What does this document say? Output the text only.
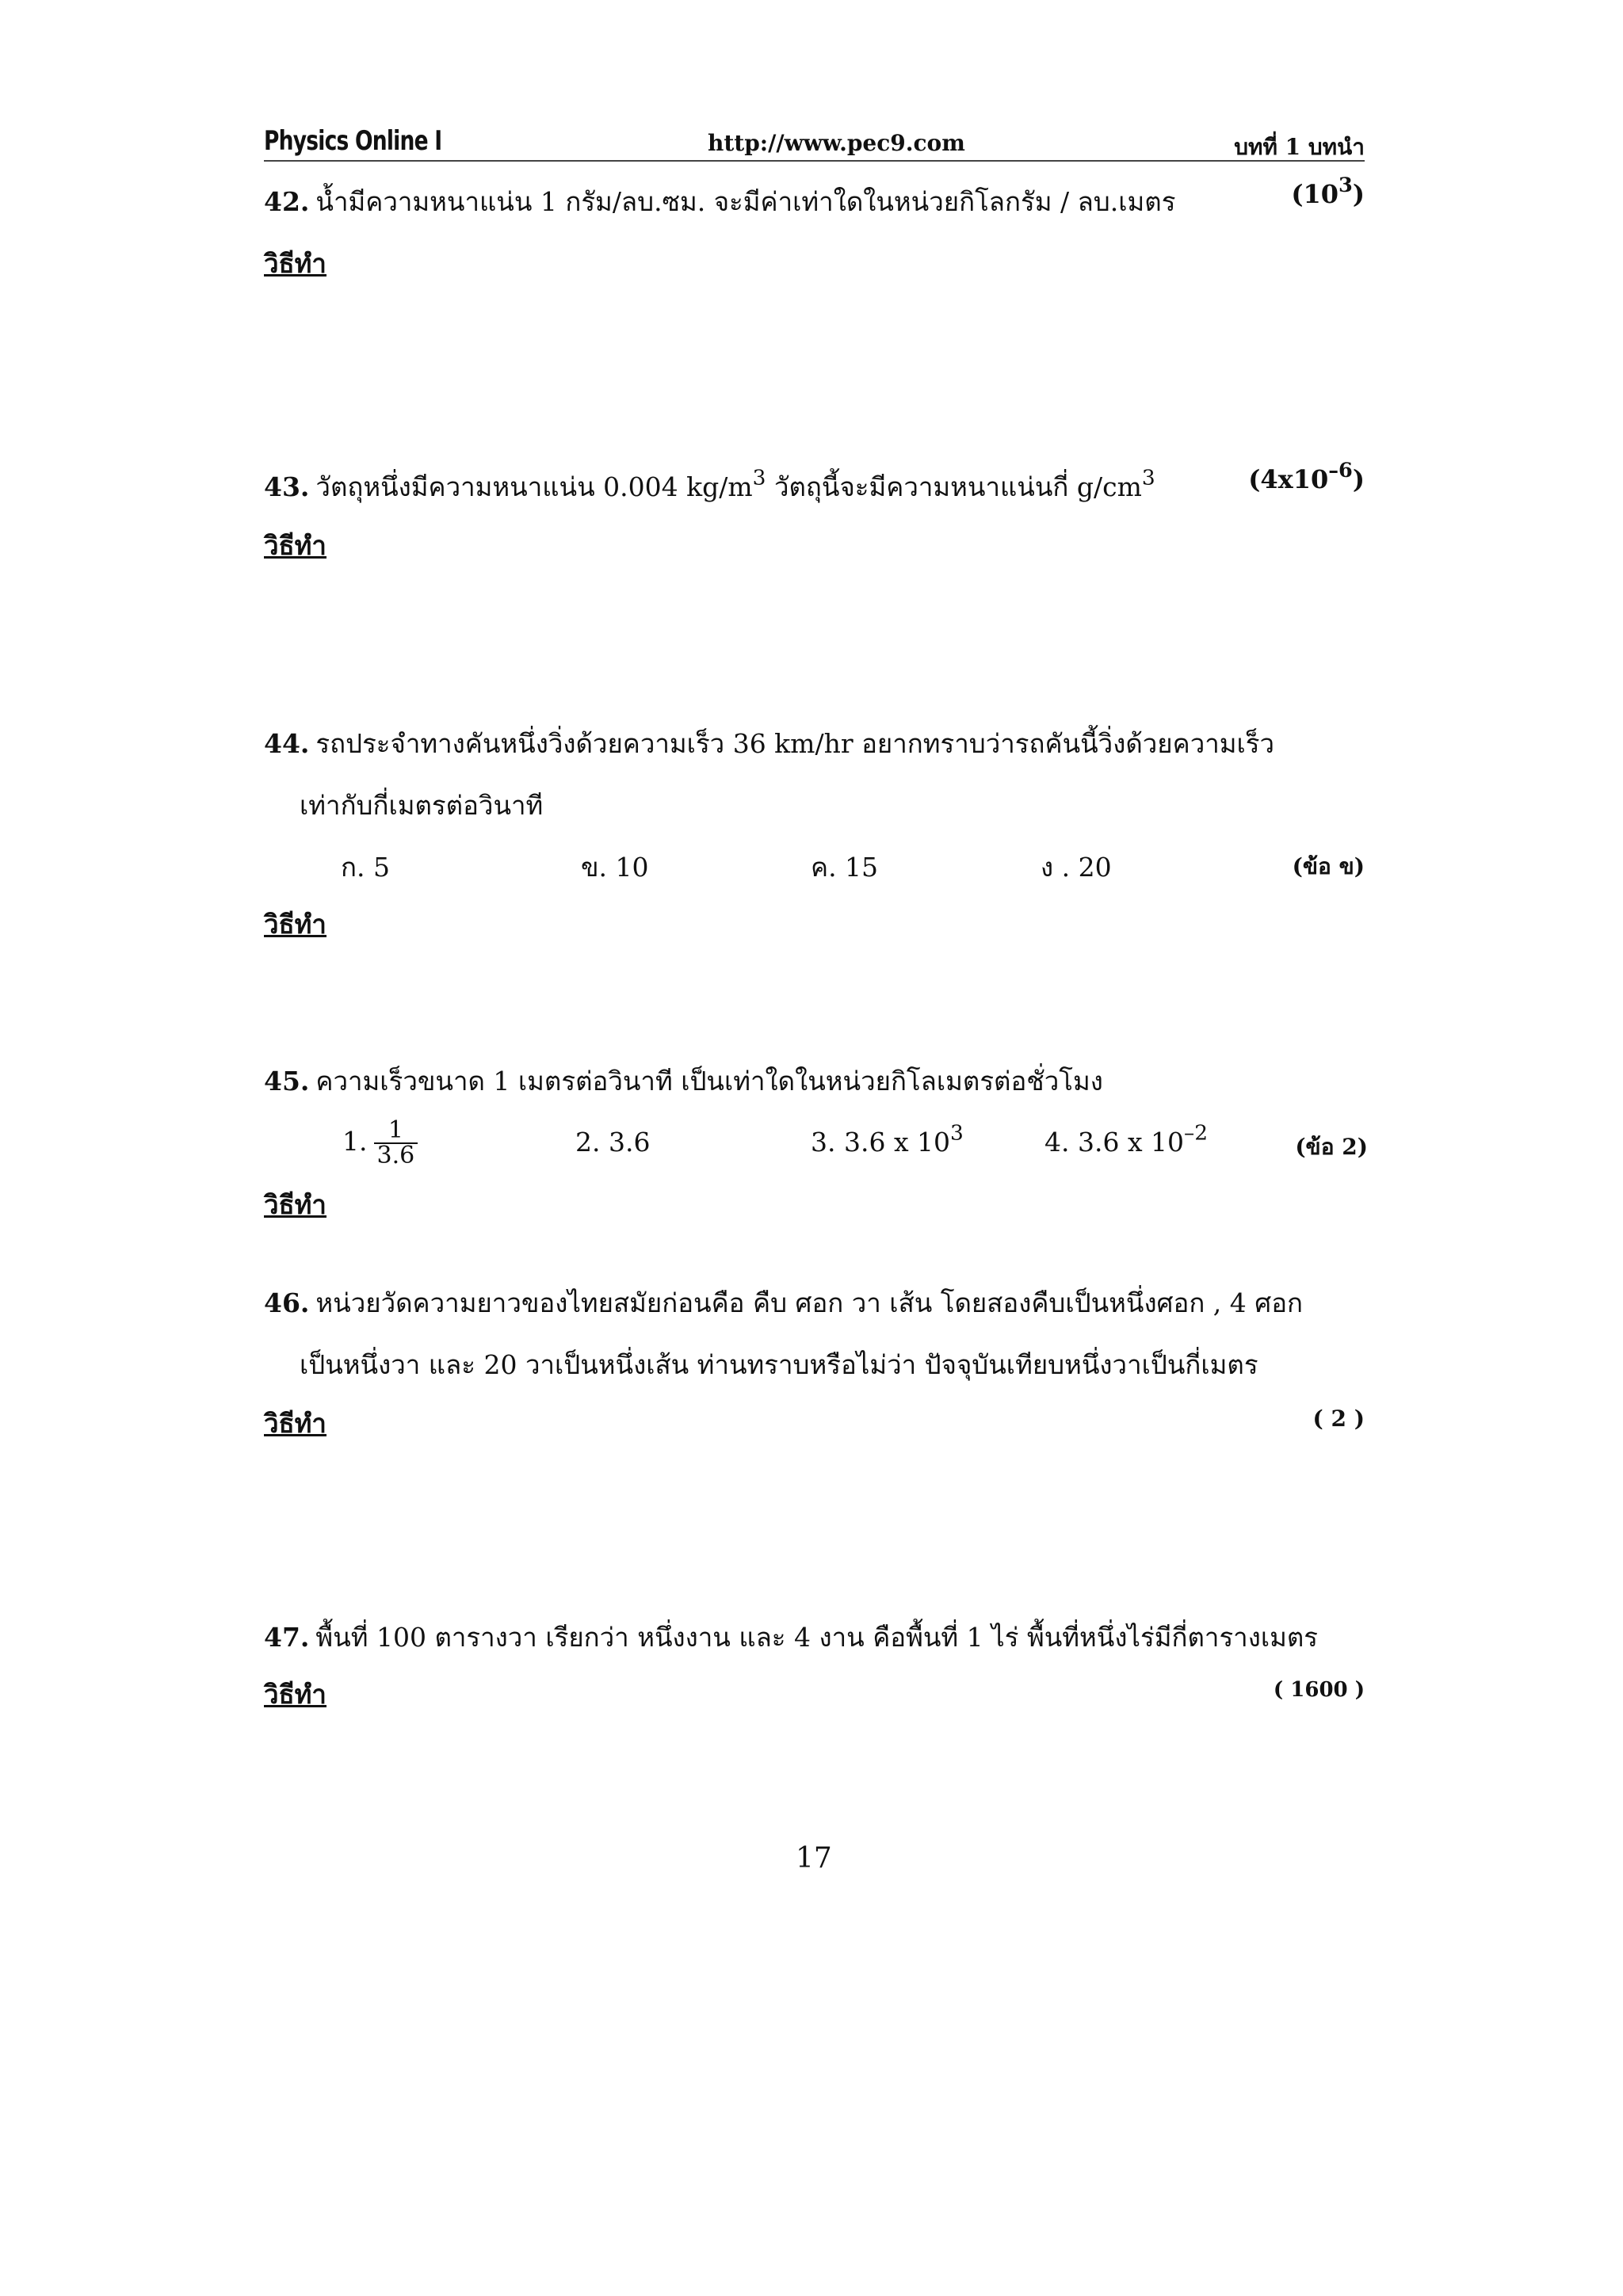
Physics Online I	http://www.pec9.com	บทที่ 1 บทนำ
42. น้ำมีความหนาแน่น 1 กรัม/ลบ.ซม. จะมีค่าเท่าใดในหน่วยกิโลกรัม / ลบ.เมตร	$(10^3)$
วิธีทำ
43. วัตถุหนึ่งมีความหนาแน่น 0.004 $kg/m^3$ วัตถุนี้จะมีความหนาแน่นกี่ $g/cm^3$	$(4x10^{-6})$
วิธีทำ
44. รถประจำทางคันหนึ่งวิ่งด้วยความเร็ว 36 km/hr อยากทราบว่ารถคันนี้วิ่งด้วยความเร็ว
เท่ากับกี่เมตรต่อวินาที
ก. 5	ข. 10	ค. 15	ง . 20	(ข้อ ข)
วิธีทำ
45. ความเร็วขนาด 1 เมตรต่อวินาที เป็นเท่าใดในหน่วยกิโลเมตรต่อชั่วโมง
1. $\frac{1}{3.6}$	2. 3.6	3. 3.6 x $10^3$	4. 3.6 x $10^{-2}$
(ข้อ 2)
วิธีทำ
46. หน่วยวัดความยาวของไทยสมัยก่อนคือ คืบ ศอก วา เส้น โดยสองคืบเป็นหนึ่งศอก , 4 ศอก
เป็นหนึ่งวา และ 20 วาเป็นหนึ่งเส้น ท่านทราบหรือไม่ว่า ปัจจุบันเทียบหนึ่งวาเป็นกี่เมตร
วิธีทำ	( 2 )
47. พื้นที่ 100 ตารางวา เรียกว่า หนึ่งงาน และ 4 งาน คือพื้นที่ 1 ไร่ พื้นที่หนึ่งไร่มีกี่ตารางเมตร
วิธีทำ	( 1600 )
17
